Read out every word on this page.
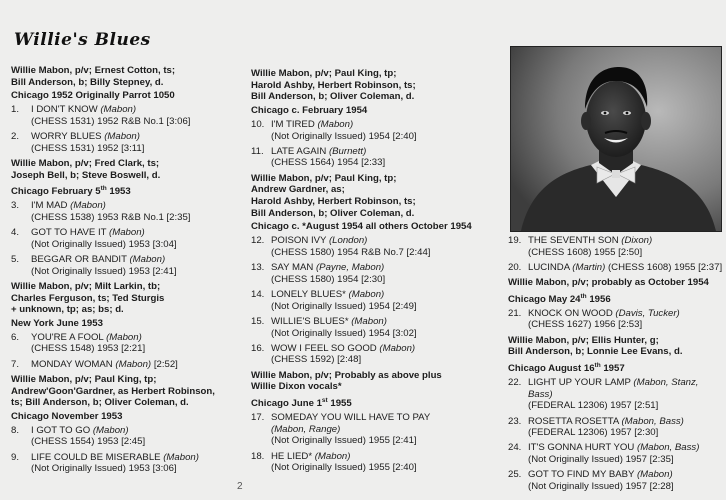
Willie's Blues

Willie Mabon, p/v; Ernest Cotton, ts;

Bill Anderson, b; Billy Stepney, d.

Chicago 1952 Originally Parrot 1050

1.	I DON'T KNOW (Mabon)
(CHESS 1531) 1952 R&B No.1 [3:06]
2.	WORRY BLUES (Mabon)
(CHESS 1531) 1952 [3:11]

Willie Mabon, p/v; Fred Clark, ts;

Joseph Bell, b; Steve Boswell, d.

Chicago February 5th 1953

3.	I'M MAD (Mabon)
(CHESS 1538) 1953 R&B No.1 [2:35]
4.	GOT TO HAVE IT (Mabon)
(Not Originally Issued) 1953 [3:04]
5.	BEGGAR OR BANDIT (Mabon)
(Not Originally Issued) 1953 [2:41]

Willie Mabon, p/v; Milt Larkin, tb;

Charles Ferguson, ts; Ted Sturgis

+ unknown, tp; as; bs; d.

New York June 1953

6.	YOU'RE A FOOL (Mabon)
(CHESS 1548) 1953 [2:21]
7.	MONDAY WOMAN (Mabon) [2:52]

Willie Mabon, p/v; Paul King, tp;

Andrew'Goon'Gardner, as Herbert Robinson,

ts; Bill Anderson, b; Oliver Coleman, d.

Chicago November 1953

8.	I GOT TO GO (Mabon)
(CHESS 1554) 1953 [2:45]
9.	LIFE COULD BE MISERABLE (Mabon)
(Not Originally Issued) 1953 [3:06]

Willie Mabon, p/v; Paul King, tp;

Harold Ashby, Herbert Robinson, ts;

Bill Anderson, b; Oliver Coleman, d.

Chicago c. February 1954

10. I'M TIRED (Mabon)
(Not Originally Issued) 1954 [2:40]
11. LATE AGAIN (Burnett)
(CHESS 1564) 1954 [2:33]

Willie Mabon, p/v; Paul King, tp;

Andrew Gardner, as;

Harold Ashby, Herbert Robinson, ts;

Bill Anderson, b; Oliver Coleman, d.

Chicago c. *August 1954 all others October 1954

12. POISON IVY (London)
(CHESS 1580) 1954 R&B No.7 [2:44]
13. SAY MAN (Payne, Mabon)
(CHESS 1580) 1954 [2:30]
14. LONELY BLUES* (Mabon)
(Not Originally Issued) 1954 [2:49]
15. WILLIE'S BLUES* (Mabon)
(Not Originally Issued) 1954 [3:02]
16. WOW I FEEL SO GOOD (Mabon)
(CHESS 1592) [2:48]

Willie Mabon, p/v; Probably as above plus

Willie Dixon vocals*

Chicago June 1st 1955

17. SOMEDAY YOU WILL HAVE TO PAY
(Mabon, Range)
(Not Originally Issued) 1955 [2:41]
18. HE LIED* (Mabon)
(Not Originally Issued) 1955 [2:40]
19. THE SEVENTH SON (Dixon)
(CHESS 1608) 1955 [2:50]
20. LUCINDA (Martin) (CHESS 1608) 1955 [2:37]

Willie Mabon, p/v; probably as October 1954

Chicago May 24th 1956

21. KNOCK ON WOOD (Davis, Tucker)
(CHESS 1627) 1956 [2:53]

Willie Mabon, p/v; Ellis Hunter, g;

Bill Anderson, b; Lonnie Lee Evans, d.

Chicago August 16th 1957

22. LIGHT UP YOUR LAMP (Mabon, Stanz, Bass)
(FEDERAL 12306) 1957 [2:51]
23. ROSETTA ROSETTA (Mabon, Bass)
(FEDERAL 12306) 1957 [2:30]
24. IT'S GONNA HURT YOU (Mabon, Bass)
(Not Originally Issued) 1957 [2:35]
25. GOT TO FIND MY BABY (Mabon)
(Not Originally Issued) 1957 [2:28]
2
